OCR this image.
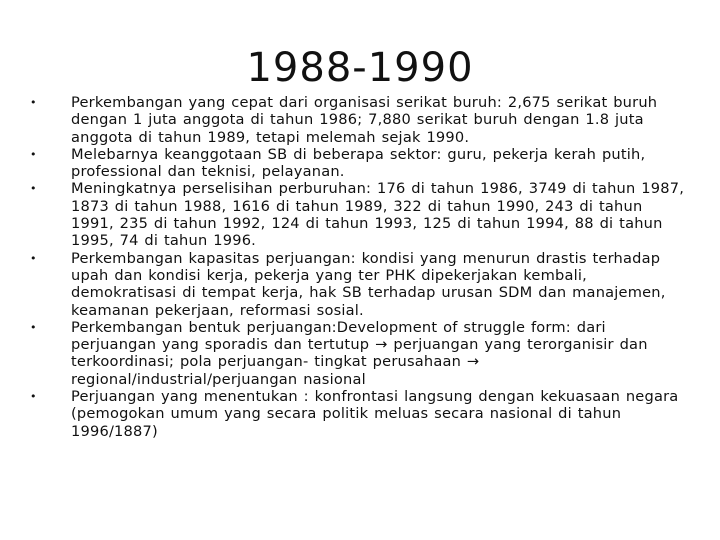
1988-1990
• Perkembangan yang cepat dari organisasi serikat buruh: 2,675 serikat buruh dengan 1 juta anggota di tahun 1986; 7,880 serikat buruh dengan 1.8 juta anggota di tahun 1989, tetapi melemah sejak 1990.
• Melebarnya keanggotaan SB di beberapa sektor: guru, pekerja kerah putih, professional dan teknisi, pelayanan.
• Meningkatnya perselisihan perburuhan: 176 di tahun 1986, 3749 di tahun 1987, 1873 di tahun 1988, 1616 di tahun 1989, 322 di tahun 1990, 243 di tahun 1991, 235 di tahun 1992, 124 di tahun 1993, 125 di tahun 1994, 88 di tahun 1995, 74 di tahun 1996.
• Perkembangan kapasitas perjuangan: kondisi yang menurun drastis terhadap upah dan kondisi kerja, pekerja yang ter PHK dipekerjakan kembali, demokratisasi di tempat kerja, hak SB terhadap urusan SDM dan manajemen, keamanan pekerjaan, reformasi sosial.
• Perkembangan bentuk perjuangan:Development of struggle form: dari perjuangan yang sporadis dan tertutup → perjuangan yang terorganisir dan terkoordinasi; pola perjuangan- tingkat perusahaan → regional/industrial/perjuangan nasional
• Perjuangan yang menentukan : konfrontasi langsung dengan kekuasaan negara (pemogokan umum yang secara politik meluas secara nasional di tahun 1996/1887)
